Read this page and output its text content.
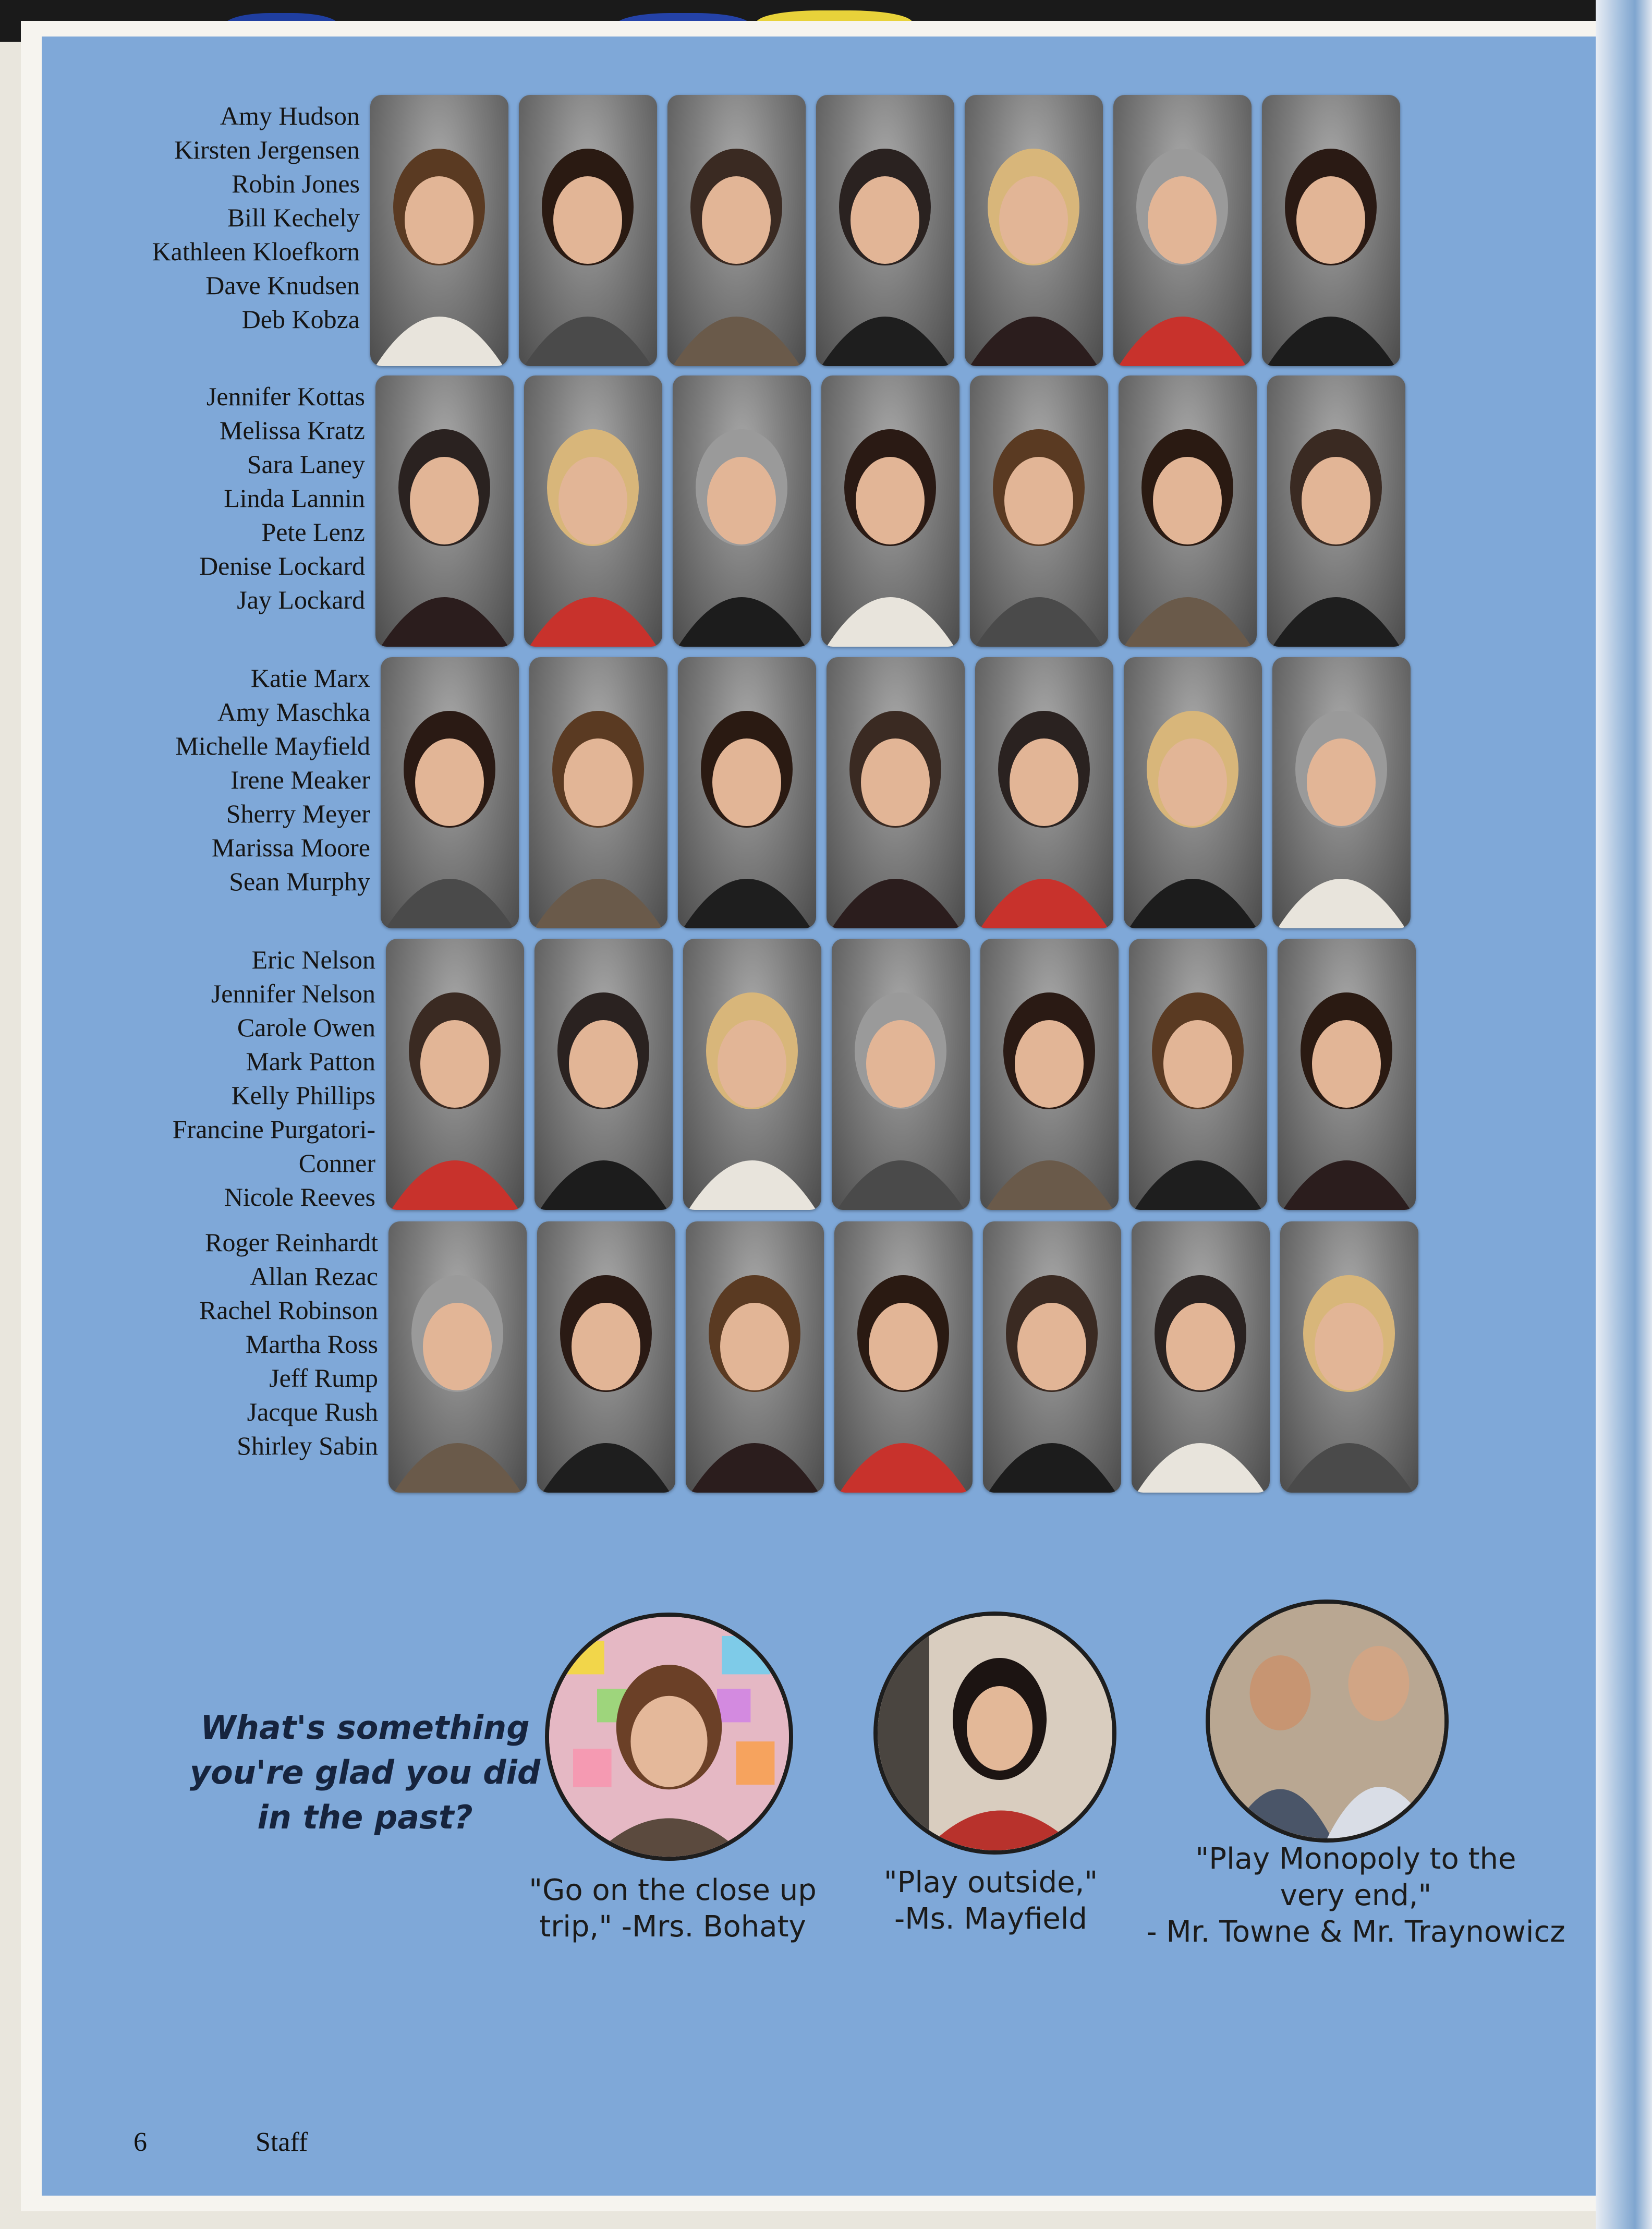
Amy Hudson
Kirsten Jergensen
Robin Jones
Bill Kechely
Kathleen Kloefkorn
Dave Knudsen
Deb Kobza
Jennifer Kottas
Melissa Kratz
Sara Laney
Linda Lannin
Pete Lenz
Denise Lockard
Jay Lockard
Katie Marx
Amy Maschka
Michelle Mayfield
Irene Meaker
Sherry Meyer
Marissa Moore
Sean Murphy
Eric Nelson
Jennifer Nelson
Carole Owen
Mark Patton
Kelly Phillips
Francine Purgatori-
Conner
Nicole Reeves
Roger Reinhardt
Allan Rezac
Rachel Robinson
Martha Ross
Jeff Rump
Jacque Rush
Shirley Sabin
What's something
you're glad you did
in the past?
"Go on the close up
trip," -Mrs. Bohaty
"Play outside,"
-Ms. Mayfield
"Play Monopoly to the
very end,"
- Mr. Towne & Mr. Traynowicz
6	Staff
